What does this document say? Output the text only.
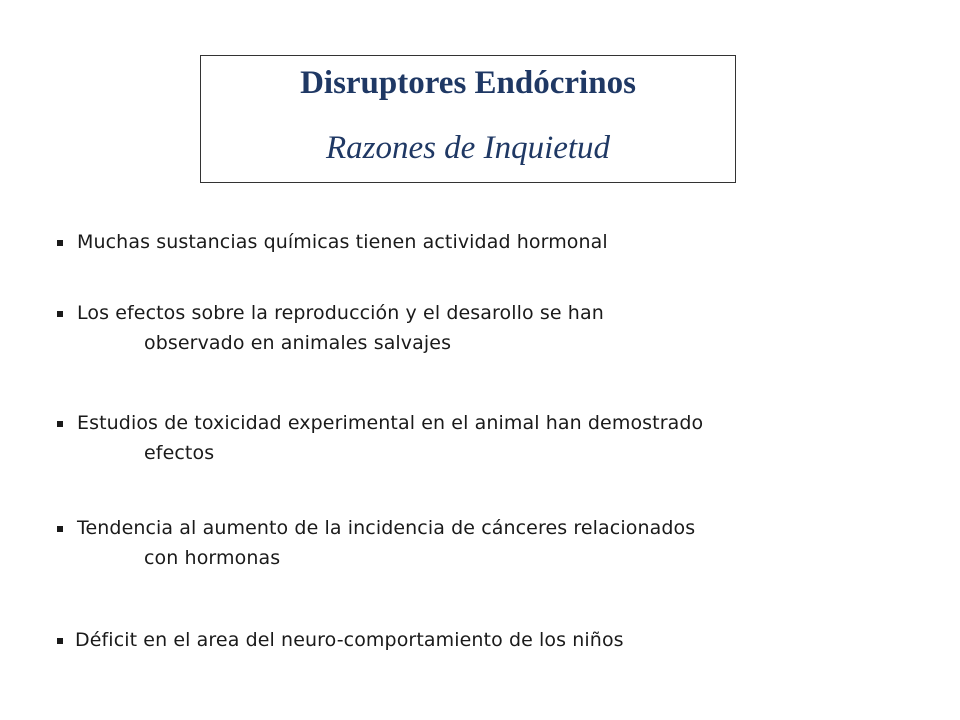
Disruptores Endócrinos
Razones de Inquietud
Muchas sustancias químicas tienen actividad hormonal
Los efectos sobre la reproducción y el desarollo se han
observado en animales salvajes
Estudios de toxicidad experimental en el animal han demostrado
efectos
Tendencia al aumento de la incidencia de cánceres relacionados
con hormonas
Déficit en el area del neuro-comportamiento de los niños
